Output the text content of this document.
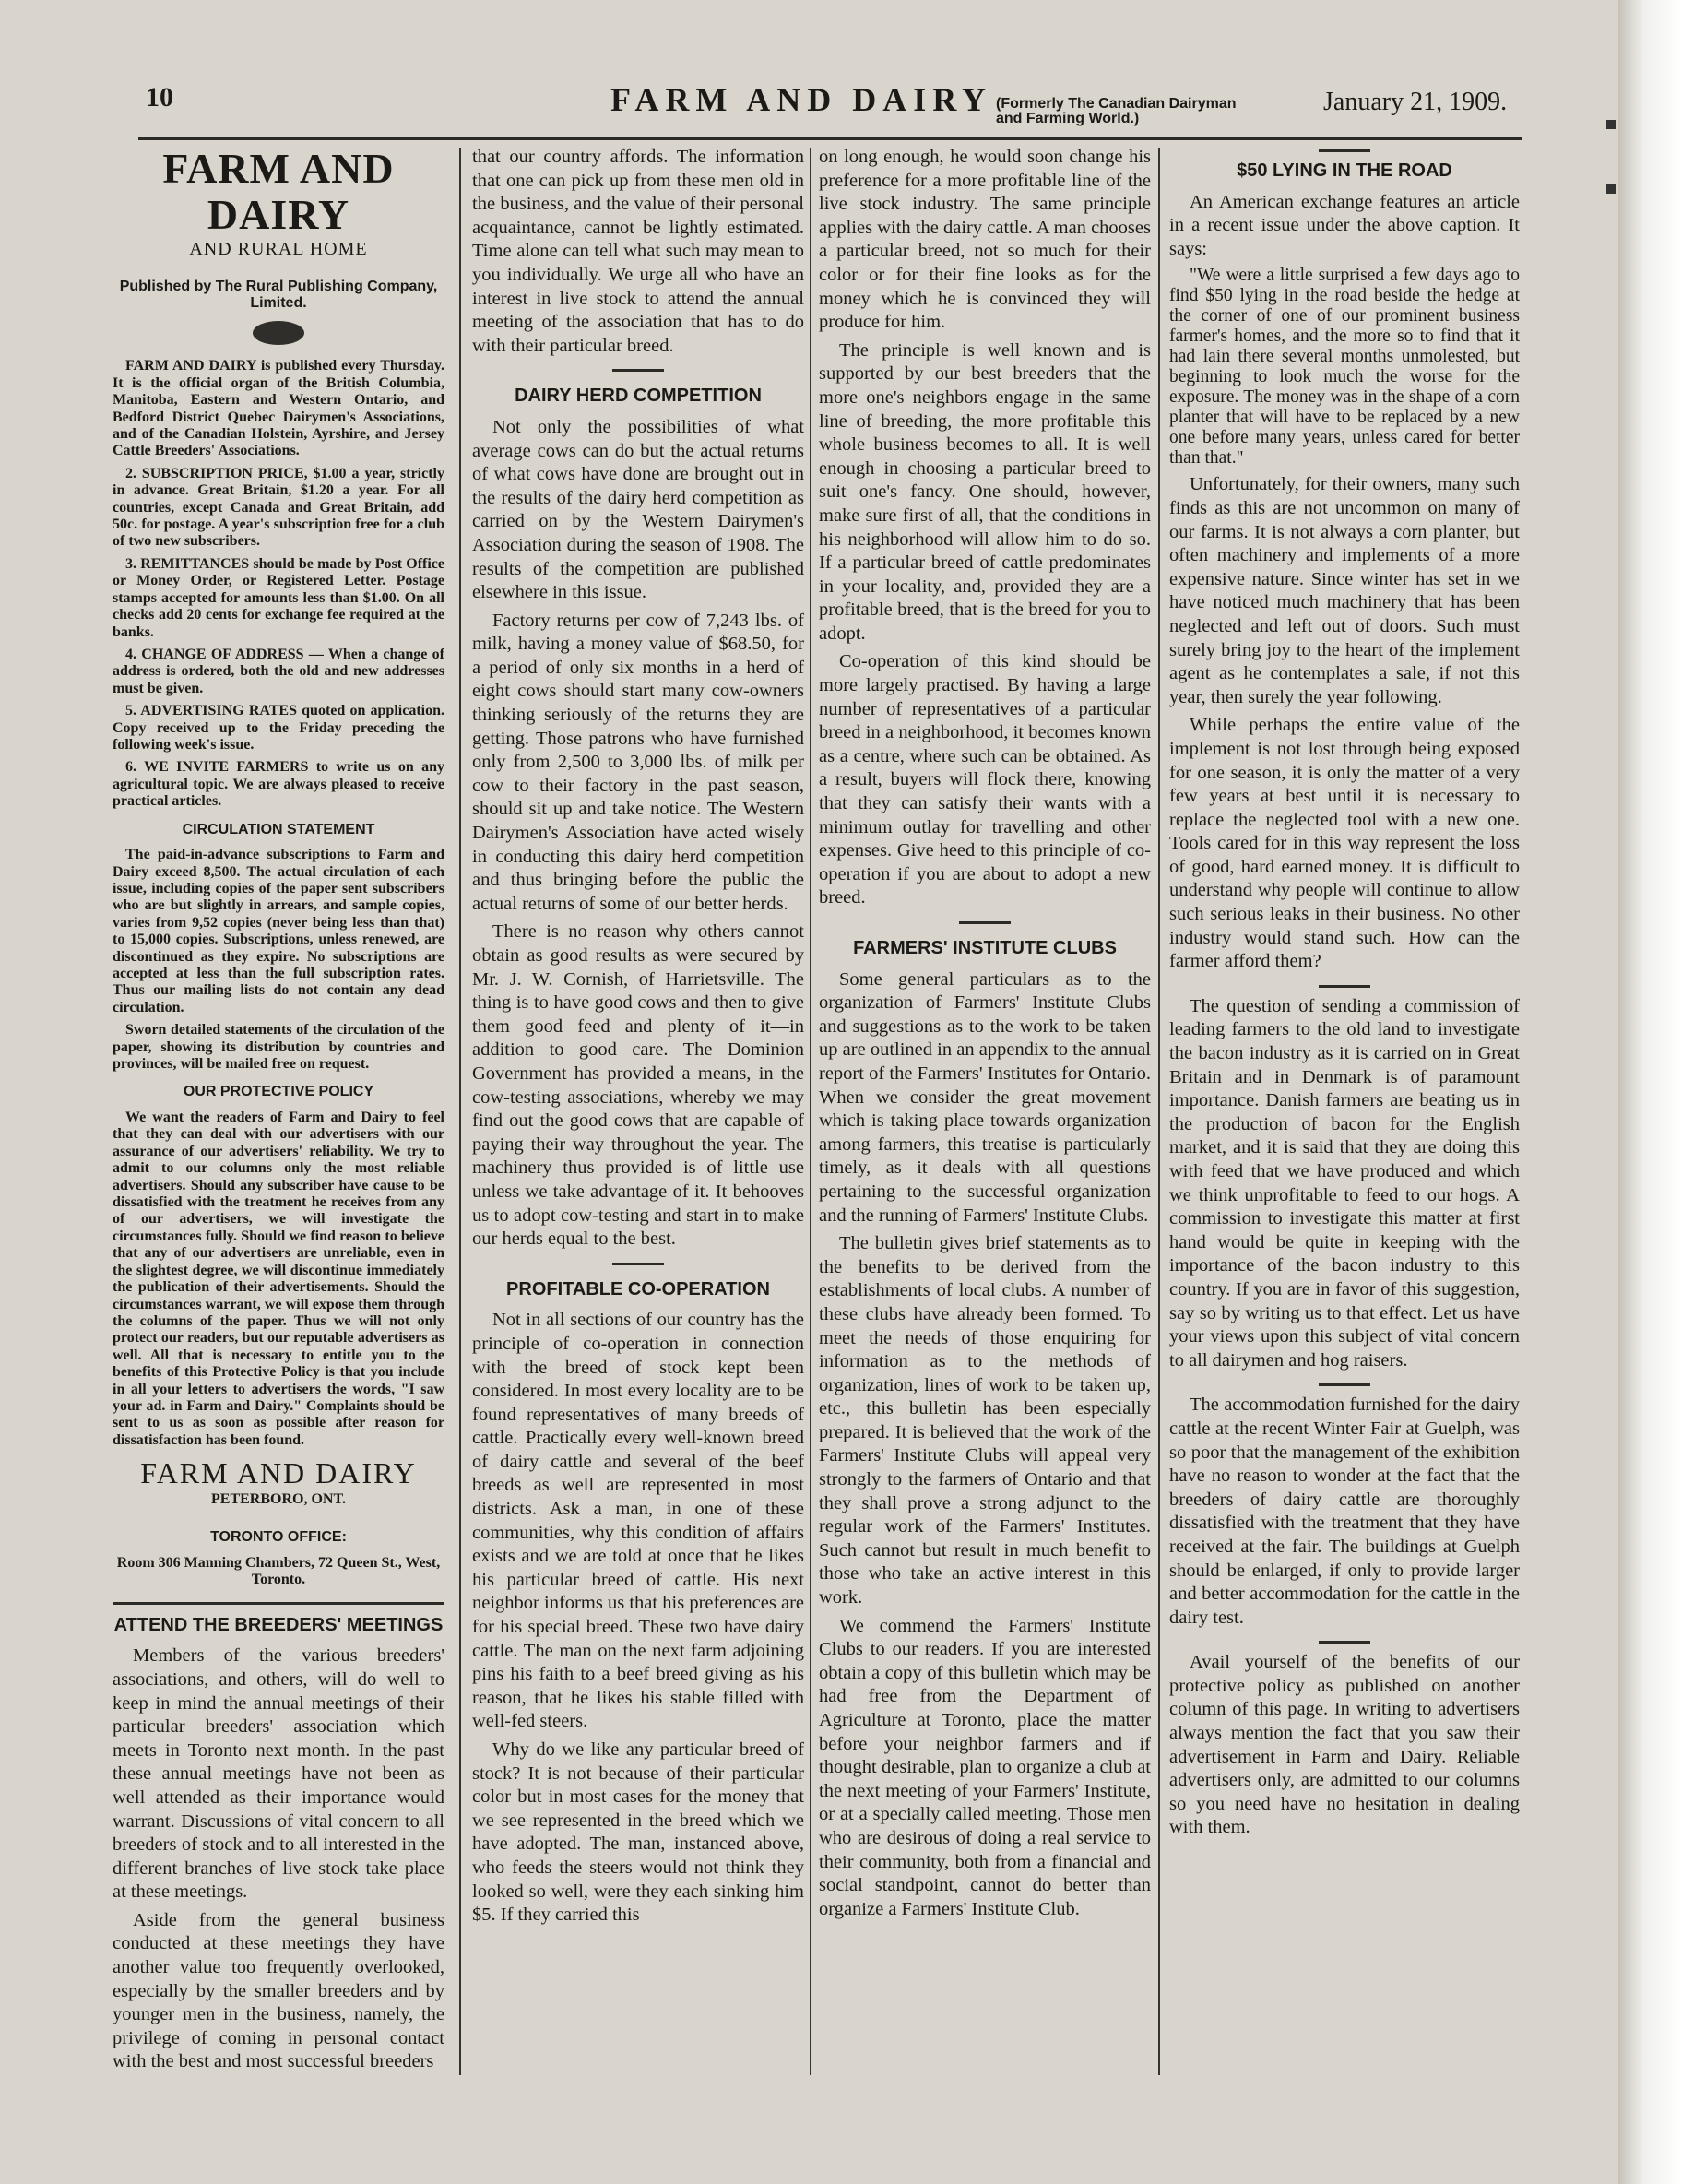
10	FARM AND DAIRY (Formerly The Canadian Dairyman and Farming World.)
January 21, 1909.
FARM AND DAIRY
AND RURAL HOME
Published by The Rural Publishing Company, Limited.

FARM AND DAIRY is published every Thursday. It is the official organ of the British Columbia, Manitoba, Eastern and Western Ontario, and Bedford District Quebec Dairymen's Associations, and of the Canadian Holstein, Ayrshire, and Jersey Cattle Breeders' Associations.

2. SUBSCRIPTION PRICE, $1.00 a year, strictly in advance. Great Britain, $1.20 a year. For all countries, except Canada and Great Britain, add 50c. for postage. A year's subscription free for a club of two new subscribers.

3. REMITTANCES should be made by Post Office or Money Order, or Registered Letter. Postage stamps accepted for amounts less than $1.00. On all checks add 20 cents for exchange fee required at the banks.

4. CHANGE OF ADDRESS — When a change of address is ordered, both the old and new addresses must be given.

5. ADVERTISING RATES quoted on application. Copy received up to the Friday preceding the following week's issue.

6. WE INVITE FARMERS to write us on any agricultural topic. We are always pleased to receive practical articles.

CIRCULATION STATEMENT

The paid-in-advance subscriptions to Farm and Dairy exceed 8,500. The actual circulation of each issue, including copies of the paper sent subscribers who are but slightly in arrears, and sample copies, varies from 9,52 copies (never being less than that) to 15,000 copies. Subscriptions, unless renewed, are discontinued as they expire. No subscriptions are accepted at less than the full subscription rates. Thus our mailing lists do not contain any dead circulation.

Sworn detailed statements of the circulation of the paper, showing its distribution by countries and provinces, will be mailed free on request.

OUR PROTECTIVE POLICY

We want the readers of Farm and Dairy to feel that they can deal with our advertisers with our assurance of our advertisers' reliability. We try to admit to our columns only the most reliable advertisers. Should any subscriber have cause to be dissatisfied with the treatment he receives from any of our advertisers, we will investigate the circumstances fully. Should we find reason to believe that any of our advertisers are unreliable, even in the slightest degree, we will discontinue immediately the publication of their advertisements. Should the circumstances warrant, we will expose them through the columns of the paper. Thus we will not only protect our readers, but our reputable advertisers as well. All that is necessary to entitle you to the benefits of this Protective Policy is that you include in all your letters to advertisers the words, "I saw your ad. in Farm and Dairy." Complaints should be sent to us as soon as possible after reason for dissatisfaction has been found.

FARM AND DAIRY
PETERBORO, ONT.
TORONTO OFFICE:
Room 306 Manning Chambers, 72 Queen St., West, Toronto.
ATTEND THE BREEDERS' MEETINGS

Members of the various breeders' associations, and others, will do well to keep in mind the annual meetings of their particular breeders' association which meets in Toronto next month. In the past these annual meetings have not been as well attended as their importance would warrant. Discussions of vital concern to all breeders of stock and to all interested in the different branches of live stock take place at these meetings.

Aside from the general business conducted at these meetings they have another value too frequently overlooked, especially by the smaller breeders and by younger men in the business, namely, the privilege of coming in personal contact with the best and most successful breeders

that our country affords. The information that one can pick up from these men old in the business, and the value of their personal acquaintance, cannot be lightly estimated. Time alone can tell what such may mean to you individually. We urge all who have an interest in live stock to attend the annual meeting of the association that has to do with their particular breed.

DAIRY HERD COMPETITION

Not only the possibilities of what average cows can do but the actual returns of what cows have done are brought out in the results of the dairy herd competition as carried on by the Western Dairymen's Association during the season of 1908. The results of the competition are published elsewhere in this issue.

Factory returns per cow of 7,243 lbs. of milk, having a money value of $68.50, for a period of only six months in a herd of eight cows should start many cow-owners thinking seriously of the returns they are getting. Those patrons who have furnished only from 2,500 to 3,000 lbs. of milk per cow to their factory in the past season, should sit up and take notice. The Western Dairymen's Association have acted wisely in conducting this dairy herd competition and thus bringing before the public the actual returns of some of our better herds.

There is no reason why others cannot obtain as good results as were secured by Mr. J. W. Cornish, of Harrietsville. The thing is to have good cows and then to give them good feed and plenty of it—in addition to good care. The Dominion Government has provided a means, in the cow-testing associations, whereby we may find out the good cows that are capable of paying their way throughout the year. The machinery thus provided is of little use unless we take advantage of it. It behooves us to adopt cow-testing and start in to make our herds equal to the best.

PROFITABLE CO-OPERATION

Not in all sections of our country has the principle of co-operation in connection with the breed of stock kept been considered. In most every locality are to be found representatives of many breeds of cattle. Practically every well-known breed of dairy cattle and several of the beef breeds as well are represented in most districts. Ask a man, in one of these communities, why this condition of affairs exists and we are told at once that he likes his particular breed of cattle. His next neighbor informs us that his preferences are for his special breed. These two have dairy cattle. The man on the next farm adjoining pins his faith to a beef breed giving as his reason, that he likes his stable filled with well-fed steers.

Why do we like any particular breed of stock? It is not because of their particular color but in most cases for the money that we see represented in the breed which we have adopted. The man, instanced above, who feeds the steers would not think they looked so well, were they each sinking him $5. If they carried this

on long enough, he would soon change his preference for a more profitable line of the live stock industry. The same principle applies with the dairy cattle. A man chooses a particular breed, not so much for their color or for their fine looks as for the money which he is convinced they will produce for him.

The principle is well known and is supported by our best breeders that the more one's neighbors engage in the same line of breeding, the more profitable this whole business becomes to all. It is well enough in choosing a particular breed to suit one's fancy. One should, however, make sure first of all, that the conditions in his neighborhood will allow him to do so. If a particular breed of cattle predominates in your locality, and, provided they are a profitable breed, that is the breed for you to adopt.

Co-operation of this kind should be more largely practised. By having a large number of representatives of a particular breed in a neighborhood, it becomes known as a centre, where such can be obtained. As a result, buyers will flock there, knowing that they can satisfy their wants with a minimum outlay for travelling and other expenses. Give heed to this principle of co-operation if you are about to adopt a new breed.

FARMERS' INSTITUTE CLUBS

Some general particulars as to the organization of Farmers' Institute Clubs and suggestions as to the work to be taken up are outlined in an appendix to the annual report of the Farmers' Institutes for Ontario. When we consider the great movement which is taking place towards organization among farmers, this treatise is particularly timely, as it deals with all questions pertaining to the successful organization and the running of Farmers' Institute Clubs.

The bulletin gives brief statements as to the benefits to be derived from the establishments of local clubs. A number of these clubs have already been formed. To meet the needs of those enquiring for information as to the methods of organization, lines of work to be taken up, etc., this bulletin has been especially prepared. It is believed that the work of the Farmers' Institute Clubs will appeal very strongly to the farmers of Ontario and that they shall prove a strong adjunct to the regular work of the Farmers' Institutes. Such cannot but result in much benefit to those who take an active interest in this work.

We commend the Farmers' Institute Clubs to our readers. If you are interested obtain a copy of this bulletin which may be had free from the Department of Agriculture at Toronto, place the matter before your neighbor farmers and if thought desirable, plan to organize a club at the next meeting of your Farmers' Institute, or at a specially called meeting. Those men who are desirous of doing a real service to their community, both from a financial and social standpoint, cannot do better than organize a Farmers' Institute Club.

$50 LYING IN THE ROAD

An American exchange features an article in a recent issue under the above caption. It says:

"We were a little surprised a few days ago to find $50 lying in the road beside the hedge at the corner of one of our prominent business farmer's homes, and the more so to find that it had lain there several months unmolested, but beginning to look much the worse for the exposure. The money was in the shape of a corn planter that will have to be replaced by a new one before many years, unless cared for better than that."

Unfortunately, for their owners, many such finds as this are not uncommon on many of our farms. It is not always a corn planter, but often machinery and implements of a more expensive nature. Since winter has set in we have noticed much machinery that has been neglected and left out of doors. Such must surely bring joy to the heart of the implement agent as he contemplates a sale, if not this year, then surely the year following.

While perhaps the entire value of the implement is not lost through being exposed for one season, it is only the matter of a very few years at best until it is necessary to replace the neglected tool with a new one. Tools cared for in this way represent the loss of good, hard earned money. It is difficult to understand why people will continue to allow such serious leaks in their business. No other industry would stand such. How can the farmer afford them?

The question of sending a commission of leading farmers to the old land to investigate the bacon industry as it is carried on in Great Britain and in Denmark is of paramount importance. Danish farmers are beating us in the production of bacon for the English market, and it is said that they are doing this with feed that we have produced and which we think unprofitable to feed to our hogs. A commission to investigate this matter at first hand would be quite in keeping with the importance of the bacon industry to this country. If you are in favor of this suggestion, say so by writing us to that effect. Let us have your views upon this subject of vital concern to all dairymen and hog raisers.

The accommodation furnished for the dairy cattle at the recent Winter Fair at Guelph, was so poor that the management of the exhibition have no reason to wonder at the fact that the breeders of dairy cattle are thoroughly dissatisfied with the treatment that they have received at the fair. The buildings at Guelph should be enlarged, if only to provide larger and better accommodation for the cattle in the dairy test.

Avail yourself of the benefits of our protective policy as published on another column of this page. In writing to advertisers always mention the fact that you saw their advertisement in Farm and Dairy. Reliable advertisers only, are admitted to our columns so you need have no hesitation in dealing with them.
